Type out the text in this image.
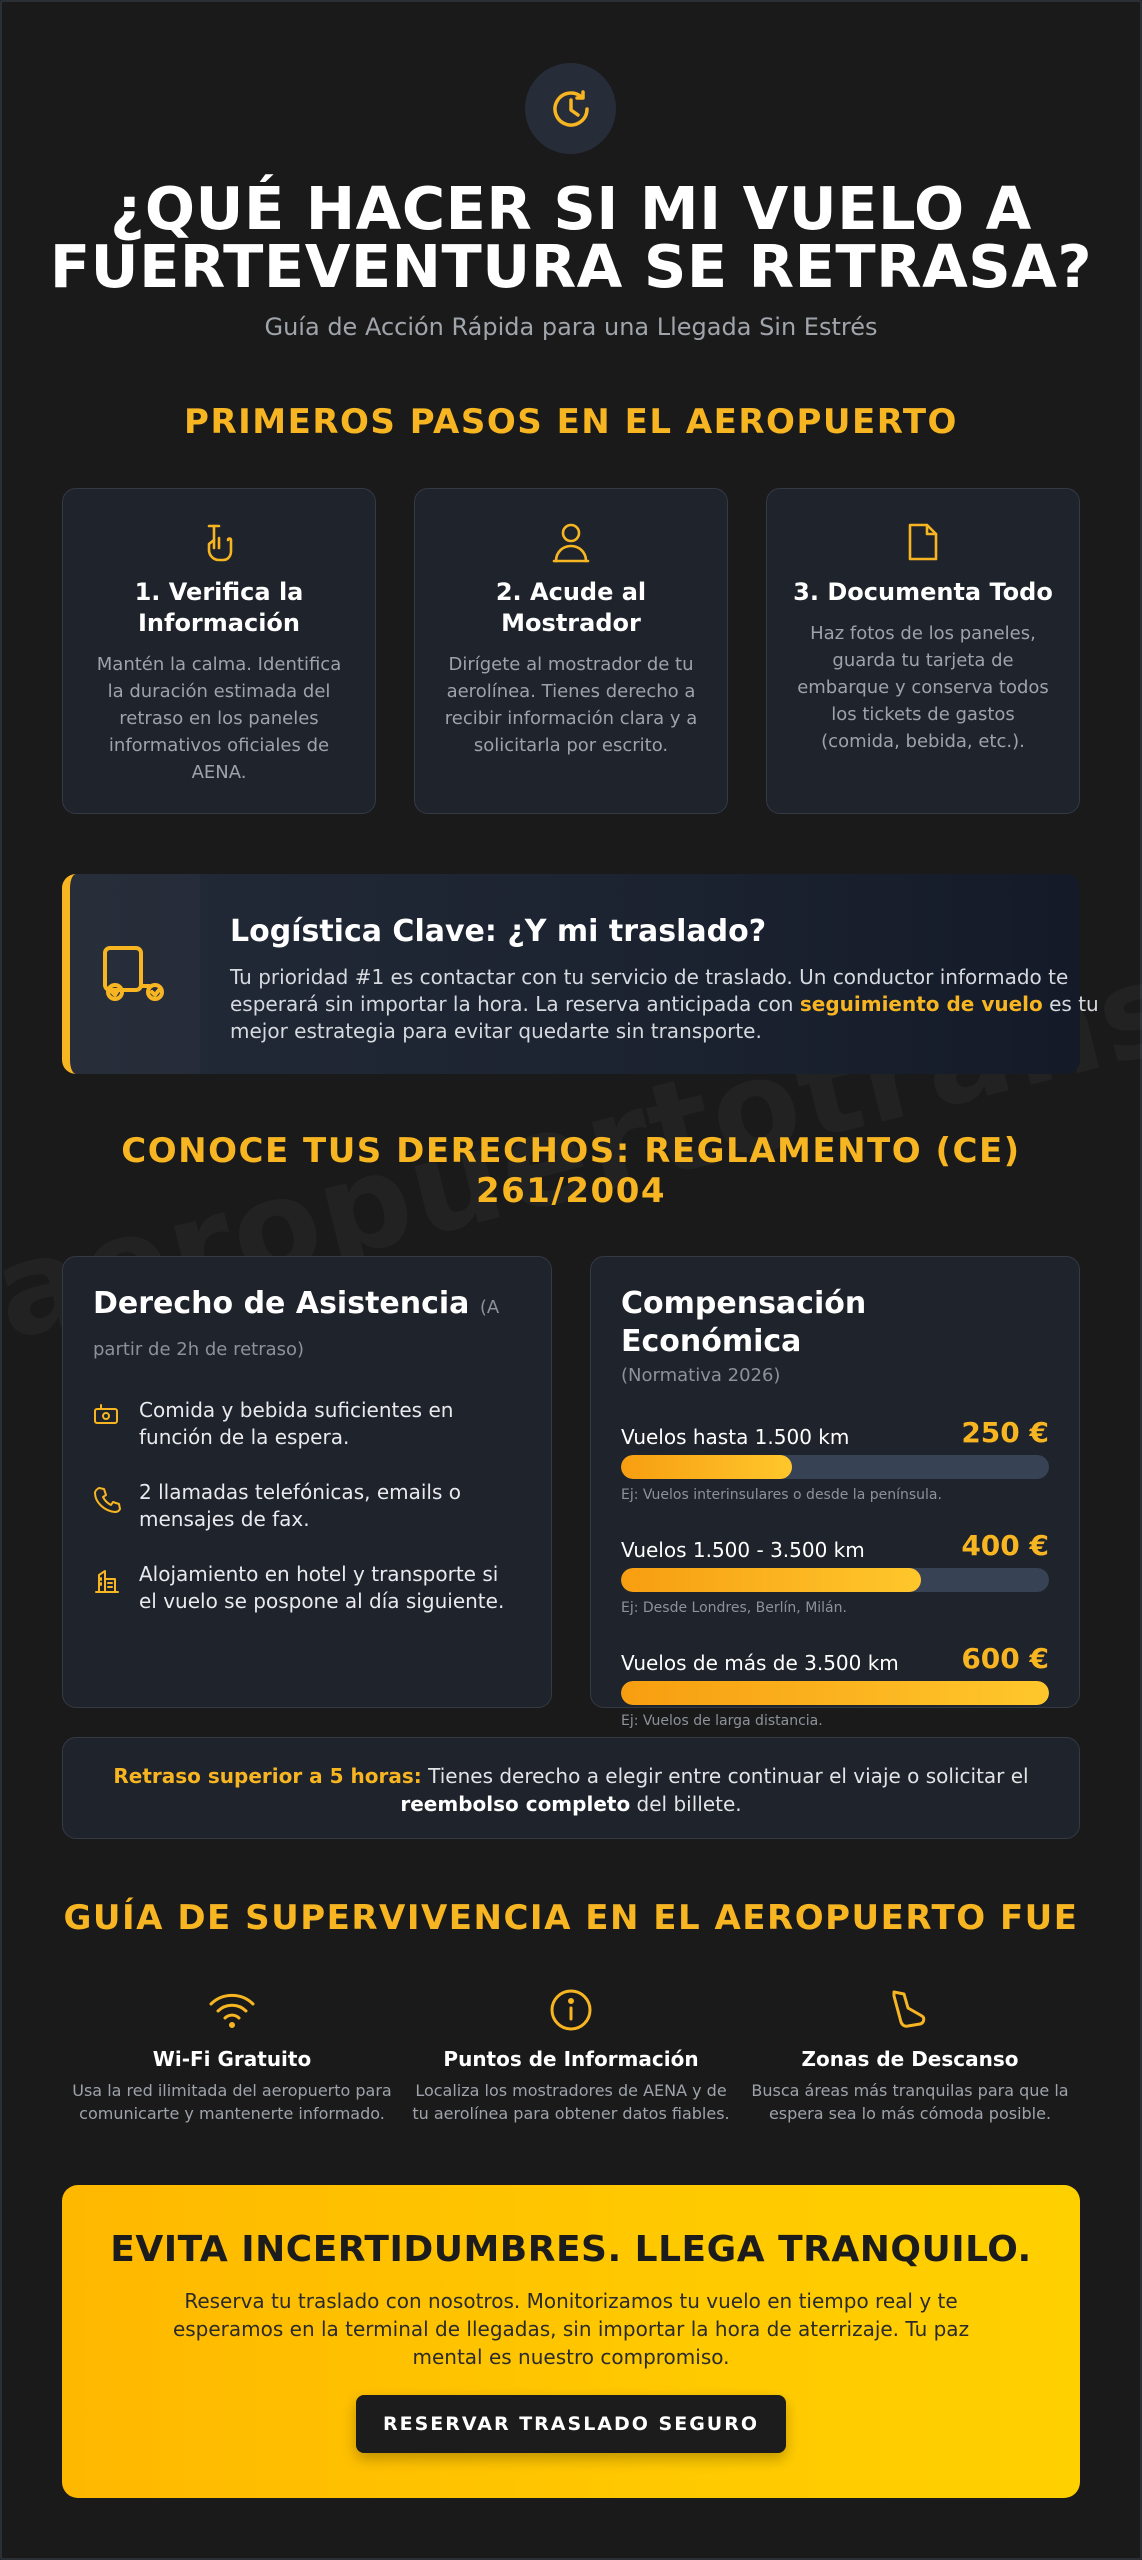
¿QUÉ HACER SI MI VUELO A FUERTEVENTURA SE RETRASA?
Guía de Acción Rápida para una Llegada Sin Estrés
PRIMEROS PASOS EN EL AEROPUERTO
1. Verifica la Información
Mantén la calma. Identifica la duración estimada del retraso en los paneles informativos oficiales de AENA.
2. Acude al Mostrador
Dirígete al mostrador de tu aerolínea. Tienes derecho a recibir información clara y a solicitarla por escrito.
3. Documenta Todo
Haz fotos de los paneles, guarda tu tarjeta de embarque y conserva todos los tickets de gastos (comida, bebida, etc.).
Logística Clave: ¿Y mi traslado?
Tu prioridad #1 es contactar con tu servicio de traslado. Un conductor informado te esperará sin importar la hora. La reserva anticipada con seguimiento de vuelo es tu mejor estrategia para evitar quedarte sin transporte.
CONOCE TUS DERECHOS: REGLAMENTO (CE) 261/2004
Derecho de Asistencia (A partir de 2h de retraso)
Comida y bebida suficientes en función de la espera.
2 llamadas telefónicas, emails o mensajes de fax.
Alojamiento en hotel y transporte si el vuelo se pospone al día siguiente.
Compensación Económica
(Normativa 2026)
Vuelos hasta 1.500 km	250 €
Ej: Vuelos interinsulares o desde la península.
Vuelos 1.500 - 3.500 km	400 €
Ej: Desde Londres, Berlín, Milán.
Vuelos de más de 3.500 km 600 €
Ej: Vuelos de larga distancia.
Retraso superior a 5 horas: Tienes derecho a elegir entre continuar el viaje o solicitar el reembolso completo del billete.
GUÍA DE SUPERVIVENCIA EN EL AEROPUERTO FUE
Wi-Fi Gratuito
Usa la red ilimitada del aeropuerto para comunicarte y mantenerte informado.
Puntos de Información
Localiza los mostradores de AENA y de tu aerolínea para obtener datos fiables.
Zonas de Descanso
Busca áreas más tranquilas para que la espera sea lo más cómoda posible.
EVITA INCERTIDUMBRES. LLEGA TRANQUILO.
Reserva tu traslado con nosotros. Monitorizamos tu vuelo en tiempo real y te esperamos en la terminal de llegadas, sin importar la hora de aterrizaje. Tu paz mental es nuestro compromiso.
RESERVAR TRASLADO SEGURO
